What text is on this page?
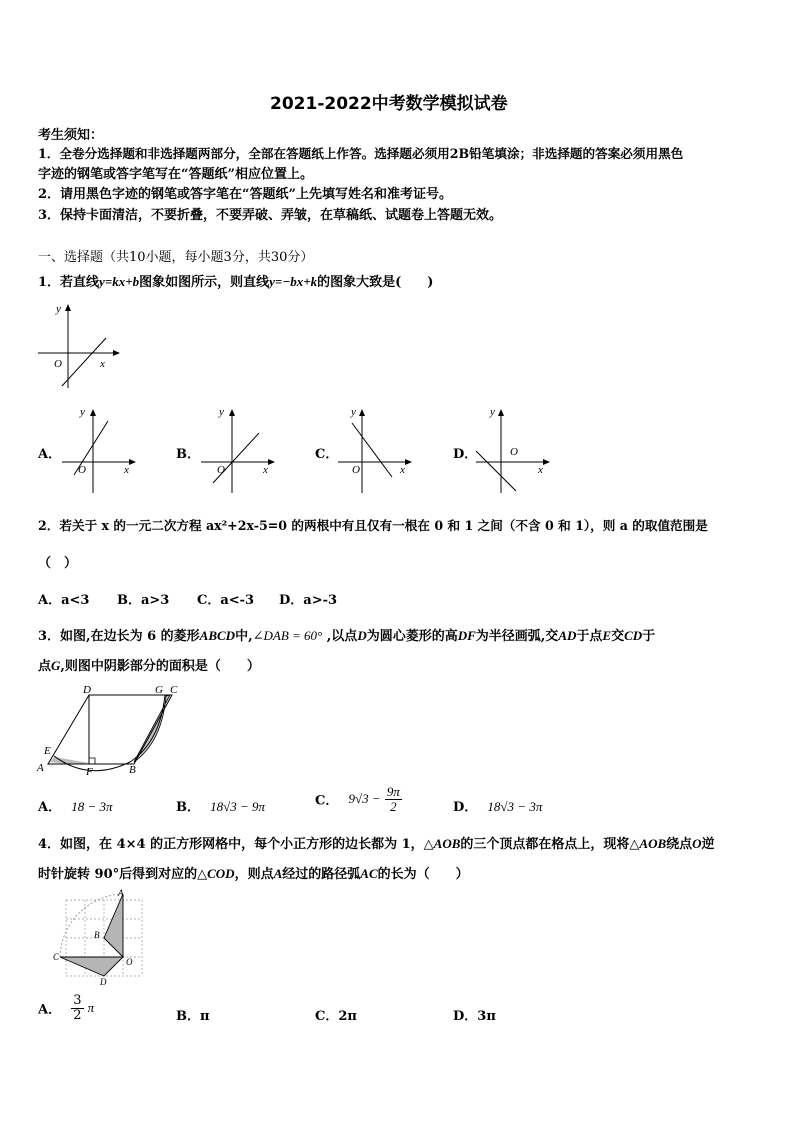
2021-2022中考数学模拟试卷
考生须知：
1．全卷分选择题和非选择题两部分，全部在答题纸上作答。选择题必须用2B铅笔填涂；非选择题的答案必须用黑色
字迹的钢笔或答字笔写在“答题纸”相应位置上。
2．请用黑色字迹的钢笔或答字笔在“答题纸”上先填写姓名和准考证号。
3．保持卡面清洁，不要折叠，不要弄破、弄皱，在草稿纸、试题卷上答题无效。
一、选择题（共10小题，每小题3分，共30分）
1．若直线y=kx+b图象如图所示，则直线y=−bx+k的图象大致是(　　)
y
x
O
A．	B．	C．	D．
y
x
O
y
x
O
y
x
O
y
x
O
2．若关于 x 的一元二次方程 ax²+2x-5=0 的两根中有且仅有一根在 0 和 1 之间（不含 0 和 1），则 a 的取值范围是
（　）
A．a<3 B．a>3 C．a<-3 D．a>-3
3．如图,在边长为 6 的菱形ABCD中,∠DAB = 60° ,以点D为圆心菱形的高DF为半径画弧,交AD于点E交CD于
点G,则图中阴影部分的面积是（　　）
D	G C
E
A	F	B
A． 18 − 3π	B． 18√3 − 9π	C． $9√3 - \frac{9\pi}{2}$	D． 18√3 − 3π
4．如图，在 4×4 的正方形网格中，每个小正方形的边长都为 1，△AOB的三个顶点都在格点上，现将△AOB绕点O逆
时针旋转 90°后得到对应的△COD，则点A经过的路径弧AC的长为（　　）
A
B
C	O
D
A． $\frac{3}{2}$ π
B．π	C．2π	D．3π
